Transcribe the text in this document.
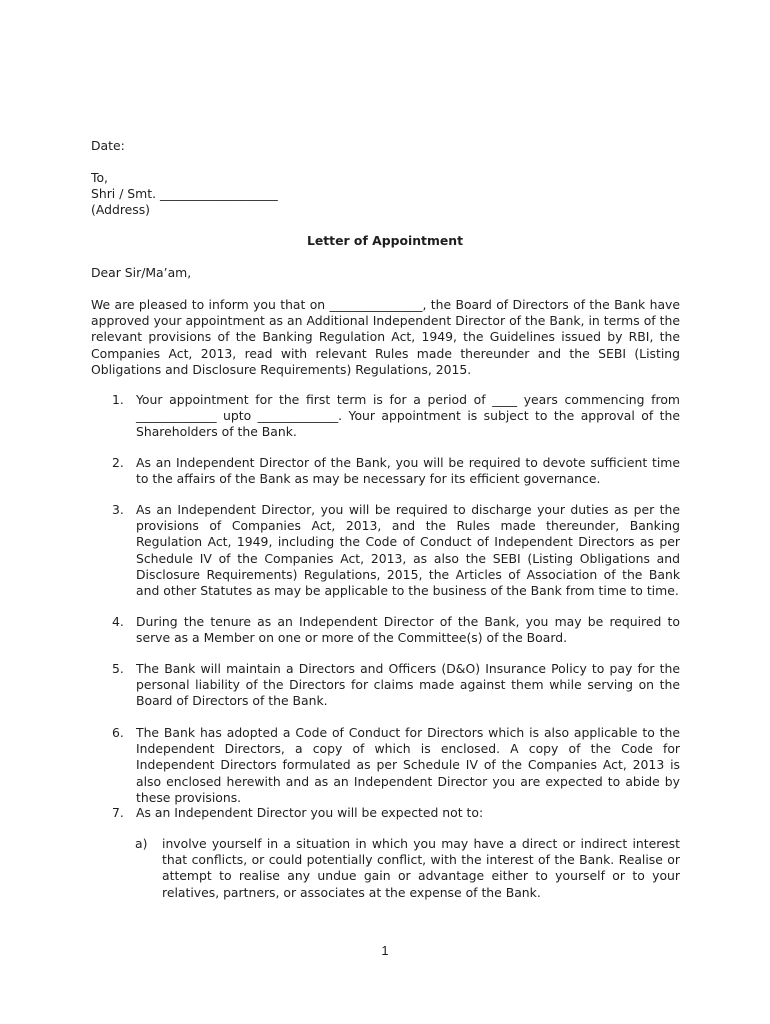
Date:
To,
Shri / Smt. ___________________
(Address)
Letter of Appointment
Dear Sir/Ma’am,
We are pleased to inform you that on _______________, the Board of Directors of the Bank have approved your appointment as an Additional Independent Director of the Bank, in terms of the relevant provisions of the Banking Regulation Act, 1949, the Guidelines issued by RBI, the Companies Act, 2013, read with relevant Rules made thereunder and the SEBI (Listing Obligations and Disclosure Requirements) Regulations, 2015.
1. Your appointment for the first term is for a period of ____ years commencing from _____________ upto _____________. Your appointment is subject to the approval of the Shareholders of the Bank.
2. As an Independent Director of the Bank, you will be required to devote sufficient time to the affairs of the Bank as may be necessary for its efficient governance.
3. As an Independent Director, you will be required to discharge your duties as per the provisions of Companies Act, 2013, and the Rules made thereunder, Banking Regulation Act, 1949, including the Code of Conduct of Independent Directors as per Schedule IV of the Companies Act, 2013, as also the SEBI (Listing Obligations and Disclosure Requirements) Regulations, 2015, the Articles of Association of the Bank and other Statutes as may be applicable to the business of the Bank from time to time.
4. During the tenure as an Independent Director of the Bank, you may be required to serve as a Member on one or more of the Committee(s) of the Board.
5. The Bank will maintain a Directors and Officers (D&O) Insurance Policy to pay for the personal liability of the Directors for claims made against them while serving on the Board of Directors of the Bank.
6. The Bank has adopted a Code of Conduct for Directors which is also applicable to the Independent Directors, a copy of which is enclosed. A copy of the Code for Independent Directors formulated as per Schedule IV of the Companies Act, 2013 is also enclosed herewith and as an Independent Director you are expected to abide by these provisions.
7. As an Independent Director you will be expected not to:
a) involve yourself in a situation in which you may have a direct or indirect interest that conflicts, or could potentially conflict, with the interest of the Bank. Realise or attempt to realise any undue gain or advantage either to yourself or to your relatives, partners, or associates at the expense of the Bank.
1
